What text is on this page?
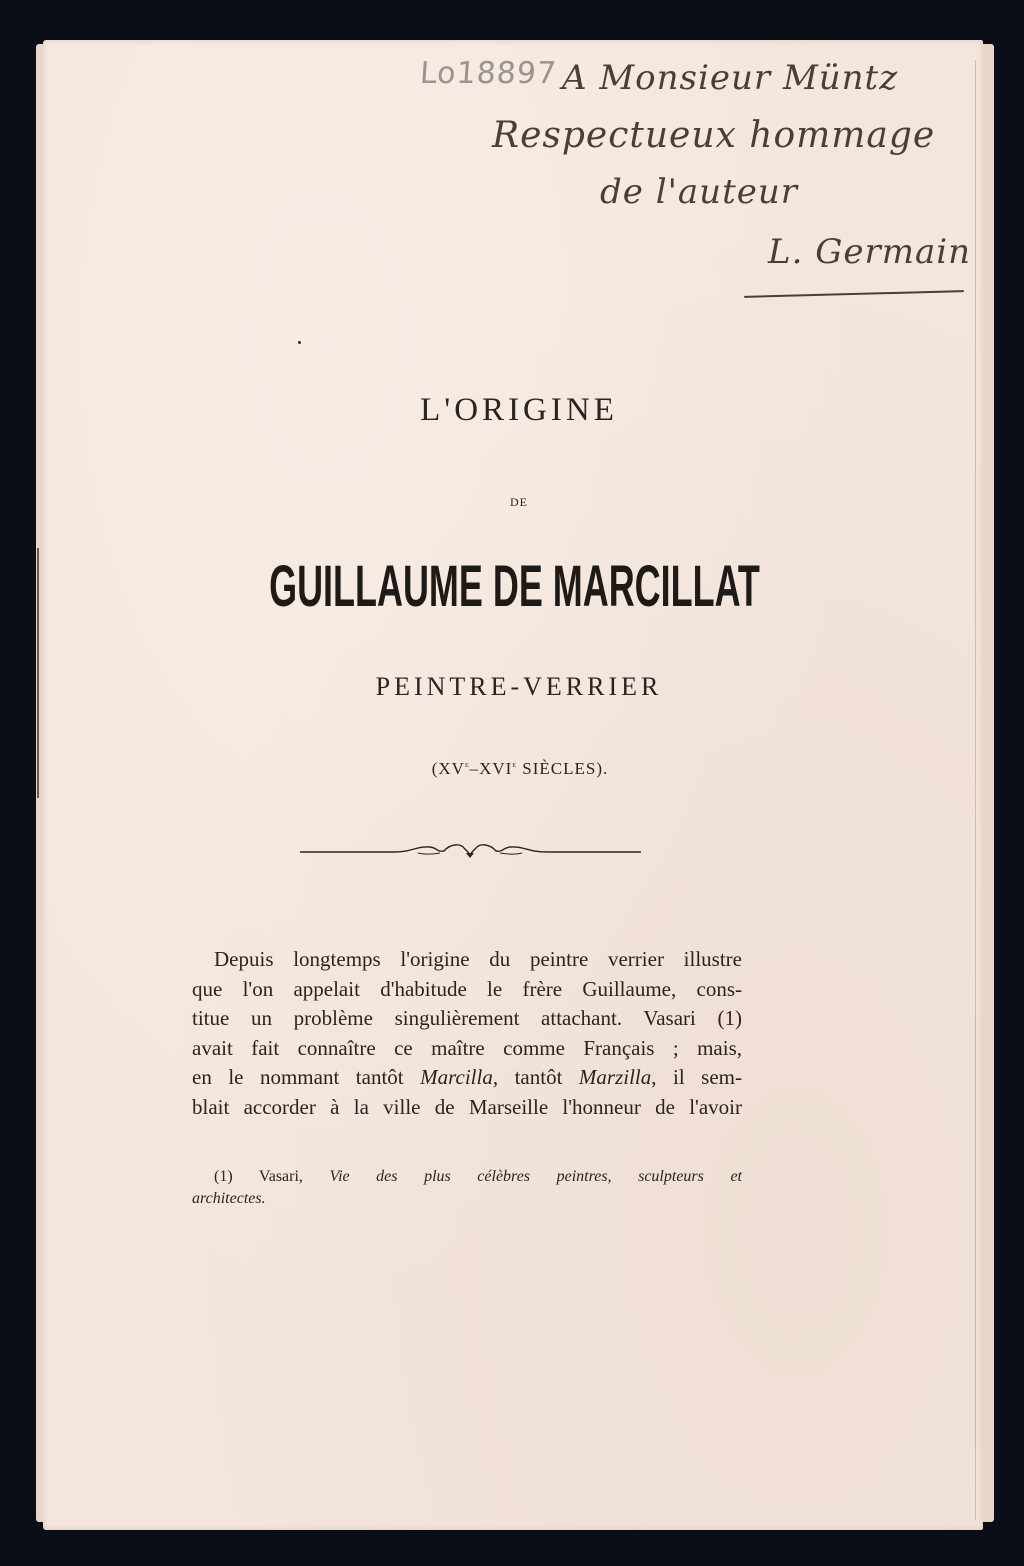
Lo18897 A Monsieur Müntz
Respectueux hommage
de l'auteur
L. Germain
L'ORIGINE
DE
GUILLAUME DE MARCILLAT
PEINTRE-VERRIER
(XVe–XVIe SIÈCLES).
Depuis longtemps l'origine du peintre verrier illustre
que l'on appelait d'habitude le frère Guillaume, cons-
titue un problème singulièrement attachant. Vasari (1)
avait fait connaître ce maître comme Français ; mais,
en le nommant tantôt Marcilla, tantôt Marzilla, il sem-
blait accorder à la ville de Marseille l'honneur de l'avoir
(1) Vasari, Vie des plus célèbres peintres, sculpteurs et
architectes.
